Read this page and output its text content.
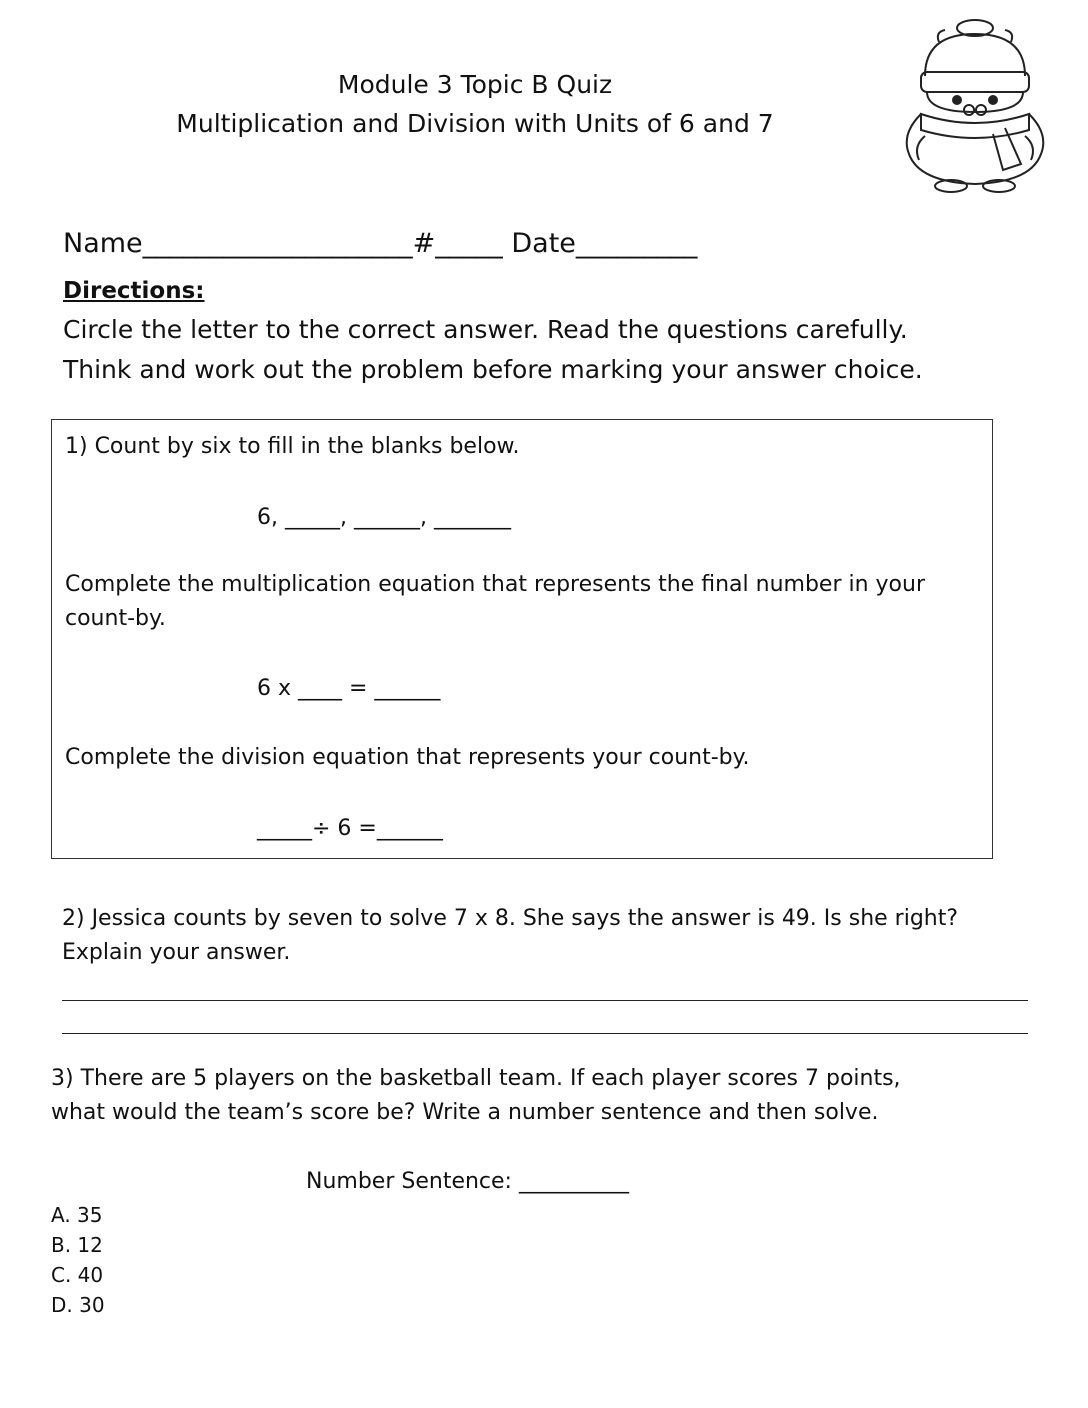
Module 3 Topic B Quiz
Multiplication and Division with Units of 6 and 7
Name____________________#_____ Date_________
Directions:
Circle the letter to the correct answer. Read the questions carefully.
Think and work out the problem before marking your answer choice.
1) Count by six to fill in the blanks below.
6, _____, ______, _______
Complete the multiplication equation that represents the final number in your
count-by.
6 x ____ = ______
Complete the division equation that represents your count-by.
_____÷ 6 =______
2) Jessica counts by seven to solve 7 x 8. She says the answer is 49. Is she right?
Explain your answer.
3) There are 5 players on the basketball team. If each player scores 7 points,
what would the team’s score be? Write a number sentence and then solve.
Number Sentence: __________
A. 35
B. 12
C. 40
D. 30
